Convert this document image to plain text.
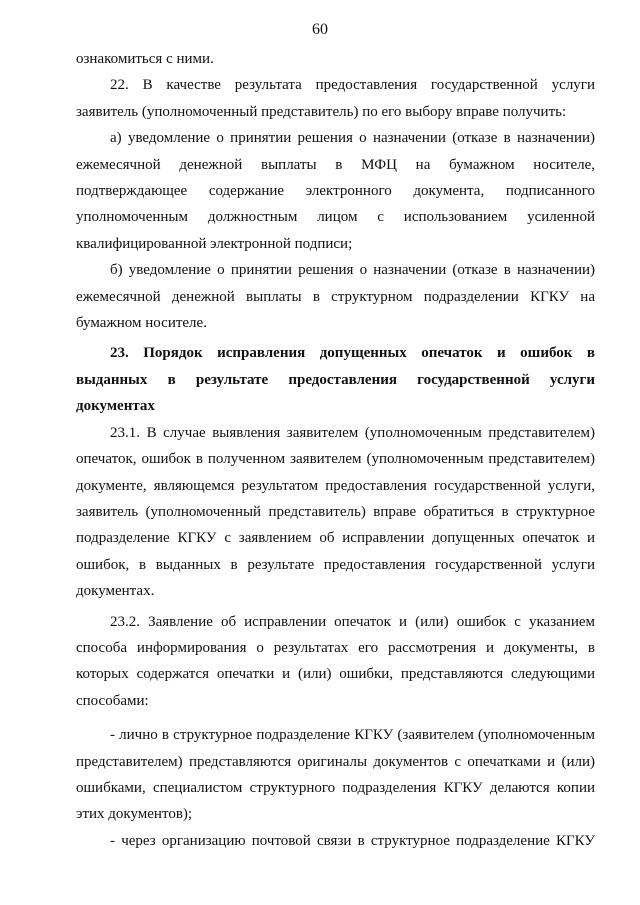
60

ознакомиться с ними.

22. В качестве результата предоставления государственной услуги заявитель (уполномоченный представитель) по его выбору вправе получить:

а) уведомление о принятии решения о назначении (отказе в назначении) ежемесячной денежной выплаты в МФЦ на бумажном носителе, подтверждающее содержание электронного документа, подписанного уполномоченным должностным лицом с использованием усиленной квалифицированной электронной подписи;

б) уведомление о принятии решения о назначении (отказе в назначении) ежемесячной денежной выплаты в структурном подразделении КГКУ на бумажном носителе.

23. Порядок исправления допущенных опечаток и ошибок в выданных в результате предоставления государственной услуги документах

23.1. В случае выявления заявителем (уполномоченным представителем) опечаток, ошибок в полученном заявителем (уполномоченным представителем) документе, являющемся результатом предоставления государственной услуги, заявитель (уполномоченный представитель) вправе обратиться в структурное подразделение КГКУ с заявлением об исправлении допущенных опечаток и ошибок, в выданных в результате предоставления государственной услуги документах.

23.2. Заявление об исправлении опечаток и (или) ошибок с указанием способа информирования о результатах его рассмотрения и документы, в которых содержатся опечатки и (или) ошибки, представляются следующими способами:

- лично в структурное подразделение КГКУ (заявителем (уполномоченным представителем) представляются оригиналы документов с опечатками и (или) ошибками, специалистом структурного подразделения КГКУ делаются копии этих документов);

- через организацию почтовой связи в структурное подразделение КГКУ
